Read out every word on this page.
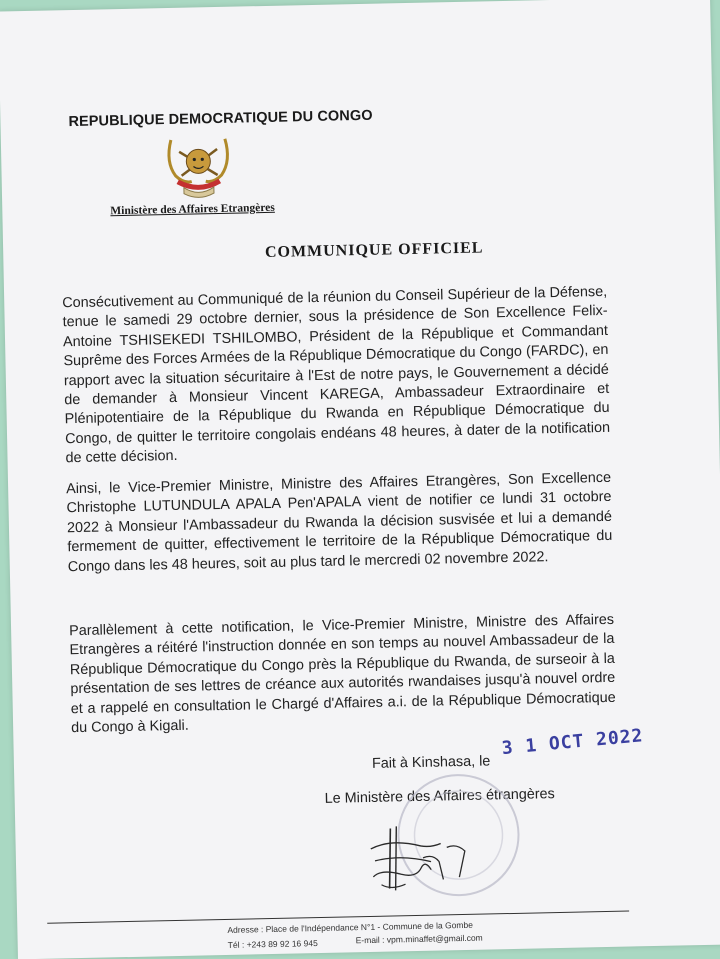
REPUBLIQUE DEMOCRATIQUE DU CONGO
Ministère des Affaires Etrangères
COMMUNIQUE OFFICIEL
Consécutivement au Communiqué de la réunion du Conseil Supérieur de la Défense, tenue le samedi 29 octobre dernier, sous la présidence de Son Excellence Felix-Antoine TSHISEKEDI TSHILOMBO, Président de la République et Commandant Suprême des Forces Armées de la République Démocratique du Congo (FARDC), en rapport avec la situation sécuritaire à l'Est de notre pays, le Gouvernement a décidé de demander à Monsieur Vincent KAREGA, Ambassadeur Extraordinaire et Plénipotentiaire de la République du Rwanda en République Démocratique du Congo, de quitter le territoire congolais endéans 48 heures, à dater de la notification de cette décision.
Ainsi, le Vice-Premier Ministre, Ministre des Affaires Etrangères, Son Excellence Christophe LUTUNDULA APALA Pen'APALA vient de notifier ce lundi 31 octobre 2022 à Monsieur l'Ambassadeur du Rwanda la décision susvisée et lui a demandé fermement de quitter, effectivement le territoire de la République Démocratique du Congo dans les 48 heures, soit au plus tard le mercredi 02 novembre 2022.
Parallèlement à cette notification, le Vice-Premier Ministre, Ministre des Affaires Etrangères a réitéré l'instruction donnée en son temps au nouvel Ambassadeur de la République Démocratique du Congo près la République du Rwanda, de surseoir à la présentation de ses lettres de créance aux autorités rwandaises jusqu'à nouvel ordre et a rappelé en consultation le Chargé d'Affaires a.i. de la République Démocratique du Congo à Kigali.
Fait à Kinshasa, le
3 1 OCT 2022
Le Ministère des Affaires étrangères
Adresse : Place de l'Indépendance N°1 - Commune de la Gombe
Tél : +243 89 92 16 945	E-mail : vpm.minaffet@gmail.com
